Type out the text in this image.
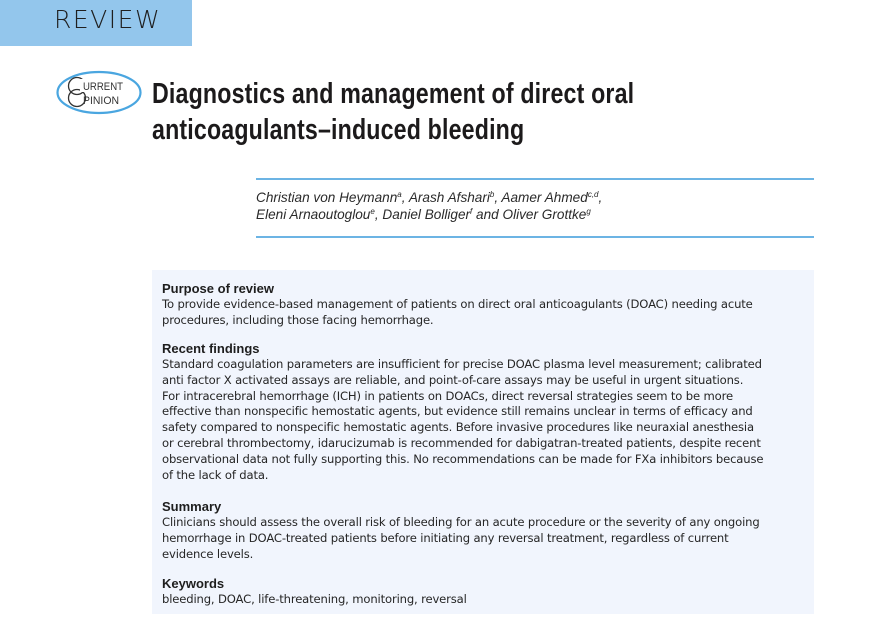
REVIEW
URRENT
PINION Diagnostics and management of direct oral
anticoagulants–induced bleeding
Christian von Heymann$^a$, Arash Afshari$^b$, Aamer Ahmed$^{c,d}$,
Eleni Arnaoutoglou$^e$, Daniel Bolliger$^f$ and Oliver Grottke$^g$
Purpose of review

To provide evidence-based management of patients on direct oral anticoagulants (DOAC) needing acute
procedures, including those facing hemorrhage.

Recent findings

Standard coagulation parameters are insufficient for precise DOAC plasma level measurement; calibrated
anti factor X activated assays are reliable, and point-of-care assays may be useful in urgent situations.
For intracerebral hemorrhage (ICH) in patients on DOACs, direct reversal strategies seem to be more
effective than nonspecific hemostatic agents, but evidence still remains unclear in terms of efficacy and
safety compared to nonspecific hemostatic agents. Before invasive procedures like neuraxial anesthesia
or cerebral thrombectomy, idarucizumab is recommended for dabigatran-treated patients, despite recent
observational data not fully supporting this. No recommendations can be made for FXa inhibitors because
of the lack of data.

Summary

Clinicians should assess the overall risk of bleeding for an acute procedure or the severity of any ongoing
hemorrhage in DOAC-treated patients before initiating any reversal treatment, regardless of current
evidence levels.

Keywords

bleeding, DOAC, life-threatening, monitoring, reversal
